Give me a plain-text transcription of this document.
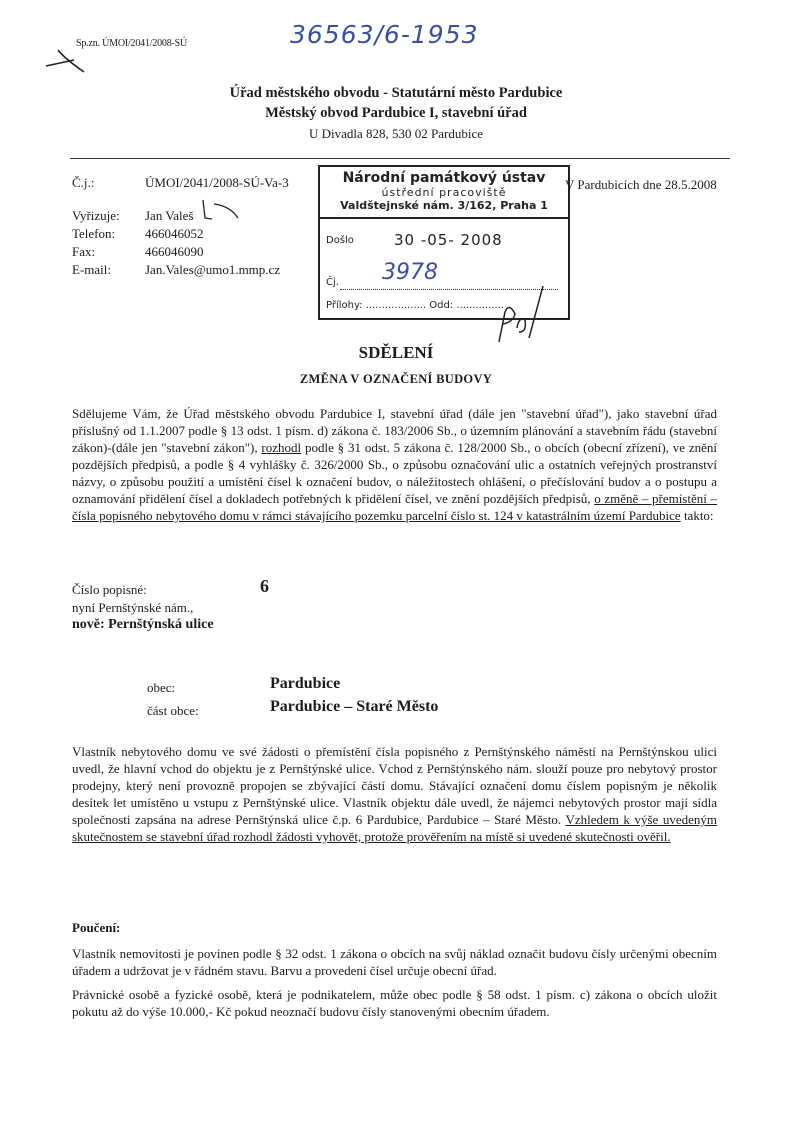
Sp.zn. ÚMOI/2041/2008-SÚ	36563/6-1953
Úřad městského obvodu - Statutární město Pardubice
Městský obvod Pardubice I, stavební úřad
U Divadla 828, 530 02 Pardubice
Č.j.:	ÚMOI/2041/2008-SÚ-Va-3
Vyřizuje: Jan Valeš
Telefon: 466046052
Fax:	466046090
E-mail:	Jan.Vales@umo1.mmp.cz
Národní památkový ústav
ústřední pracoviště
Valdštejnské nám. 3/162, Praha 1
Došlo	30 -05- 2008
Čj. 3978
Přílohy: ................... Odd: ...............
V Pardubicích dne 28.5.2008
SDĚLENÍ
ZMĚNA V OZNAČENÍ BUDOVY
Sdělujeme Vám, že Úřad městského obvodu Pardubice I, stavební úřad (dále jen "stavební úřad"), jako stavební úřad příslušný od 1.1.2007 podle § 13 odst. 1 písm. d) zákona č. 183/2006 Sb., o územním plánování a stavebním řádu (stavební zákon)-(dále jen "stavební zákon"), rozhodl podle § 31 odst. 5 zákona č. 128/2000 Sb., o obcích (obecní zřízení), ve znění pozdějších předpisů, a podle § 4 vyhlášky č. 326/2000 Sb., o způsobu označování ulic a ostatních veřejných prostranství názvy, o způsobu použití a umístění čísel k označení budov, o náležitostech ohlášení, o přečíslování budov a o postupu a oznamování přidělení čísel a dokladech potřebných k přidělení čísel, ve znění pozdějších předpisů, o změně – přemístění – čísla popisného nebytového domu v rámci stávajícího pozemku parcelní číslo st. 124 v katastrálním území Pardubice takto:
Číslo popisné:	6
nyní Pernštýnské nám.,
nově: Pernštýnská ulice
obec:	Pardubice
část obce:	Pardubice – Staré Město
Vlastník nebytového domu ve své žádosti o přemístění čísla popisného z Pernštýnského náměstí na Pernštýnskou ulici uvedl, že hlavní vchod do objektu je z Pernštýnské ulice. Vchod z Pernštýnského nám. slouží pouze pro nebytový prostor prodejny, který není provozně propojen se zbývající částí domu. Stávající označení domu číslem popisným je několik desítek let umístěno u vstupu z Pernštýnské ulice. Vlastník objektu dále uvedl, že nájemci nebytových prostor mají sídla společnosti zapsána na adrese Pernštýnská ulice č.p. 6 Pardubice, Pardubice – Staré Město. Vzhledem k výše uvedeným skutečnostem se stavební úřad rozhodl žádosti vyhovět, protože prověřením na místě si uvedené skutečnosti ověřil.
Poučení:
Vlastník nemovitosti je povinen podle § 32 odst. 1 zákona o obcích na svůj náklad označit budovu čísly určenými obecním úřadem a udržovat je v řádném stavu. Barvu a provedení čísel určuje obecní úřad.
Právnické osobě a fyzické osobě, která je podnikatelem, může obec podle § 58 odst. 1 písm. c) zákona o obcích uložit pokutu až do výše 10.000,- Kč pokud neoznačí budovu čísly stanovenými obecním úřadem.
